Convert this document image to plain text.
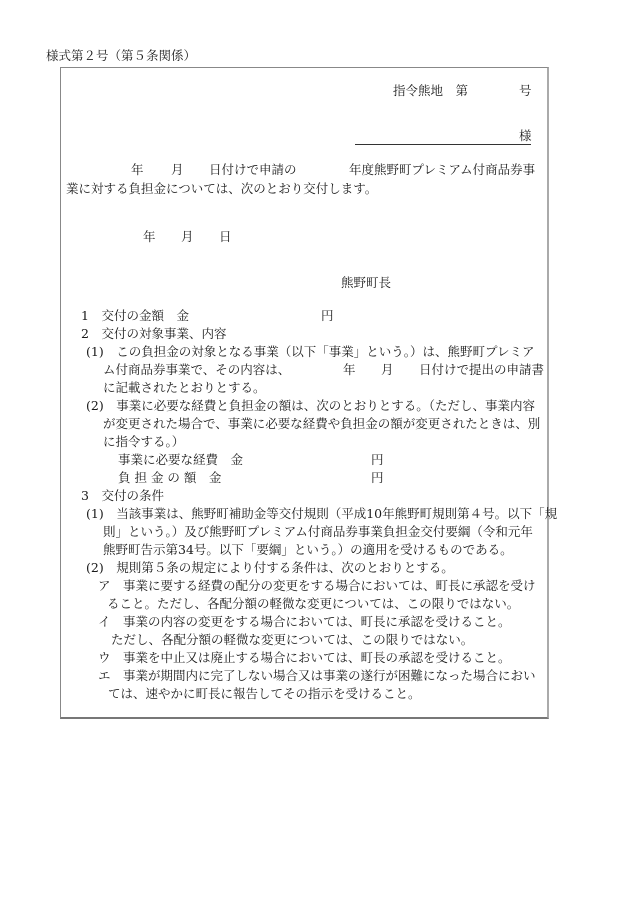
様式第２号（第５条関係）
指令熊地　第	号
様
年 月 日付けで申請の	年度熊野町プレミアム付商品券事
業に対する負担金については、次のとおり交付します。
年 月 日
熊野町長
1　交付の金額　金	円
2　交付の対象事業、内容
(1)　この負担金の対象となる事業（以下「事業」という。）は、熊野町プレミア
ム付商品券事業で、その内容は、	年 月 日付けで提出の申請書
に記載されたとおりとする。
(2)　事業に必要な経費と負担金の額は、次のとおりとする。（ただし、事業内容
が変更された場合で、事業に必要な経費や負担金の額が変更されたときは、別
に指令する。）
事業に必要な経費　金	円
負 担 金 の 額　金	円
3　交付の条件
(1)　当該事業は、熊野町補助金等交付規則（平成10年熊野町規則第４号。以下「規
則」という。）及び熊野町プレミアム付商品券事業負担金交付要綱（令和元年
熊野町告示第34号。以下「要綱」という。）の適用を受けるものである。
(2)　規則第５条の規定により付する条件は、次のとおりとする。
ア　事業に要する経費の配分の変更をする場合においては、町長に承認を受け
ること。ただし、各配分額の軽微な変更については、この限りではない。
イ　事業の内容の変更をする場合においては、町長に承認を受けること。
ただし、各配分額の軽微な変更については、この限りではない。
ウ　事業を中止又は廃止する場合においては、町長の承認を受けること。
エ　事業が期間内に完了しない場合又は事業の遂行が困難になった場合におい
ては、速やかに町長に報告してその指示を受けること。
